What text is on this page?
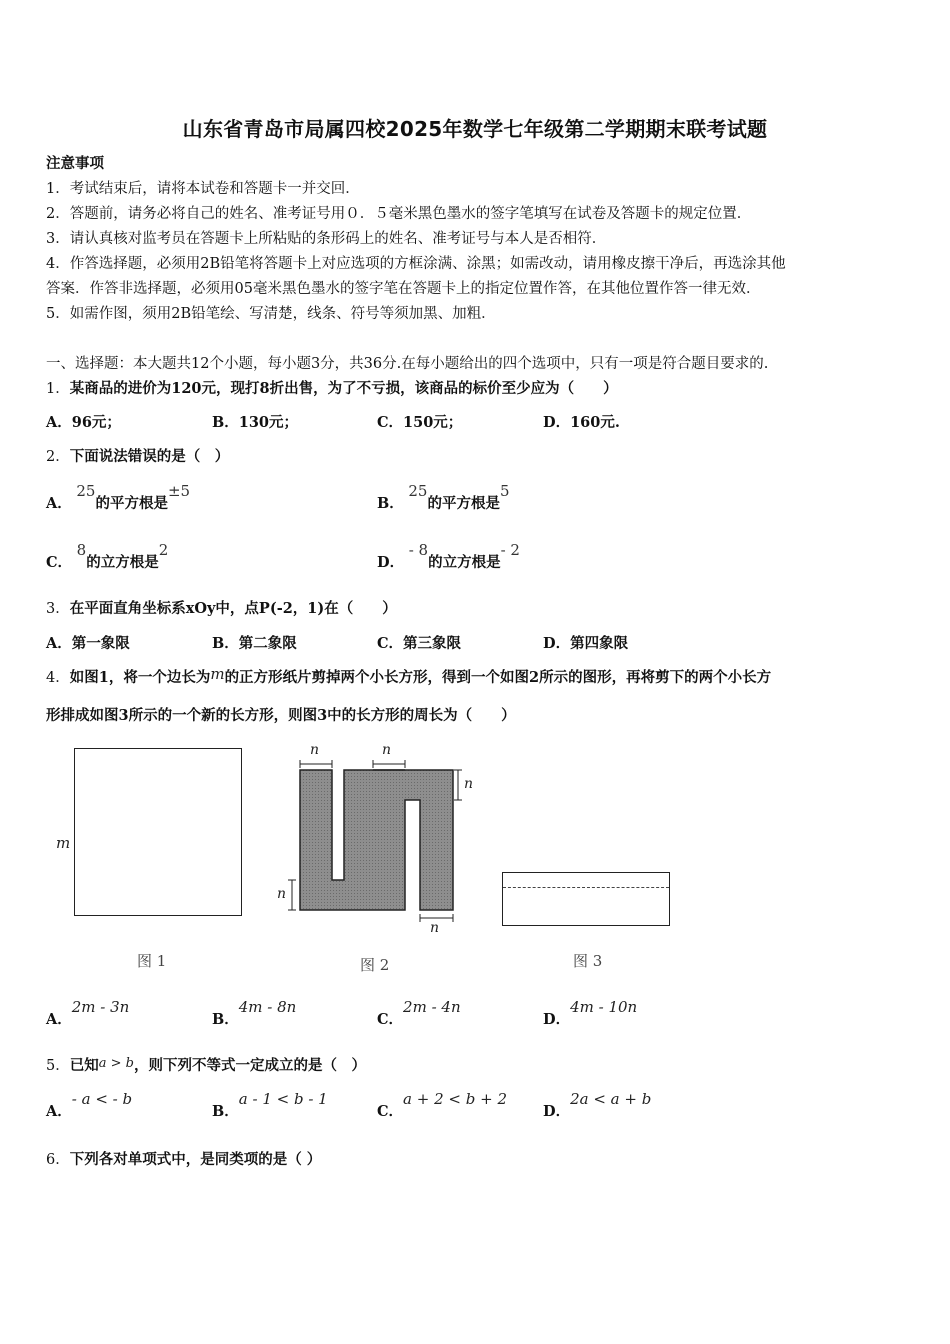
山东省青岛市局属四校2025年数学七年级第二学期期末联考试题
注意事项
1．考试结束后，请将本试卷和答题卡一并交回．
2．答题前，请务必将自己的姓名、准考证号用０．５毫米黑色墨水的签字笔填写在试卷及答题卡的规定位置．
3．请认真核对监考员在答题卡上所粘贴的条形码上的姓名、准考证号与本人是否相符．
4．作答选择题，必须用2B铅笔将答题卡上对应选项的方框涂满、涂黑；如需改动，请用橡皮擦干净后，再选涂其他
答案．作答非选择题，必须用05毫米黑色墨水的签字笔在答题卡上的指定位置作答，在其他位置作答一律无效．
5．如需作图，须用2B铅笔绘、写清楚，线条、符号等须加黑、加粗．
一、选择题：本大题共12个小题，每小题3分，共36分.在每小题给出的四个选项中，只有一项是符合题目要求的.
1．某商品的进价为120元，现打8折出售，为了不亏损，该商品的标价至少应为（　　）
A．96元；	B．130元；	C．150元；	D．160元.
2．下面说法错误的是（　）
A． 25的平方根是±5
B． 25的平方根是5
C． 8的立方根是2
D． - 8的立方根是- 2
3．在平面直角坐标系xOy中，点P(-2，1)在（　　）
A．第一象限	B．第二象限	C．第三象限	D．第四象限
4．如图1，将一个边长为m的正方形纸片剪掉两个小长方形，得到一个如图2所示的图形，再将剪下的两个小长方
形排成如图3所示的一个新的长方形，则图3中的长方形的周长为（　　）
m
图 1
n	n
n
n
n
图 2	图 3
A．2m - 3n
B．4m - 8n
C．2m - 4n
D．4m - 10n
5．已知a > b，则下列不等式一定成立的是（　）
A．- a < - b
B．a - 1 < b - 1
C．a + 2 < b + 2
D．2a < a + b
6．下列各对单项式中，是同类项的是（ ）
